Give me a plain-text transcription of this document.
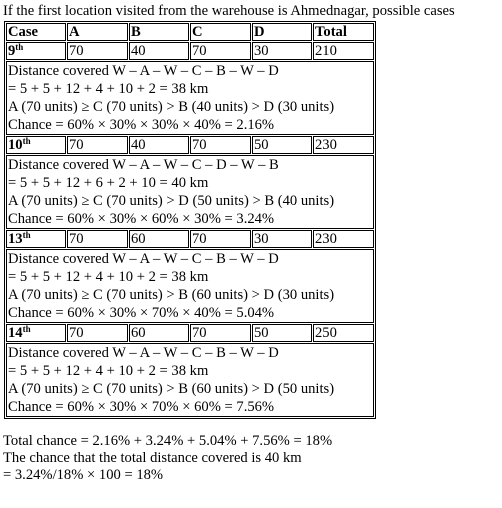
If the first location visited from the warehouse is Ahmednagar, possible cases
Case	A	B	C	D	Total
9th	70	40	70	30	210

Distance covered W – A – W – C – B – W – D
= 5 + 5 + 12 + 4 + 10 + 2 = 38 km
A (70 units) ≥ C (70 units) > B (40 units) > D (30 units)
Chance = 60% × 30% × 30% × 40% = 2.16%					

10th	70	40	70	50	230

Distance covered W – A – W – C – D – W – B
= 5 + 5 + 12 + 6 + 2 + 10 = 40 km
A (70 units) ≥ C (70 units) > D (50 units) > B (40 units)
Chance = 60% × 30% × 60% × 30% = 3.24%					

13th	70	60	70	30	230

Distance covered W – A – W – C – B – W – D
= 5 + 5 + 12 + 4 + 10 + 2 = 38 km
A (70 units) ≥ C (70 units) > B (60 units) > D (30 units)
Chance = 60% × 30% × 70% × 40% = 5.04%					

14th	70	60	70	50	250

Distance covered W – A – W – C – B – W – D
= 5 + 5 + 12 + 4 + 10 + 2 = 38 km
A (70 units) ≥ C (70 units) > B (60 units) > D (50 units)
Chance = 60% × 30% × 70% × 60% = 7.56%					
Total chance = 2.16% + 3.24% + 5.04% + 7.56% = 18%
The chance that the total distance covered is 40 km
= 3.24%/18% × 100 = 18%
